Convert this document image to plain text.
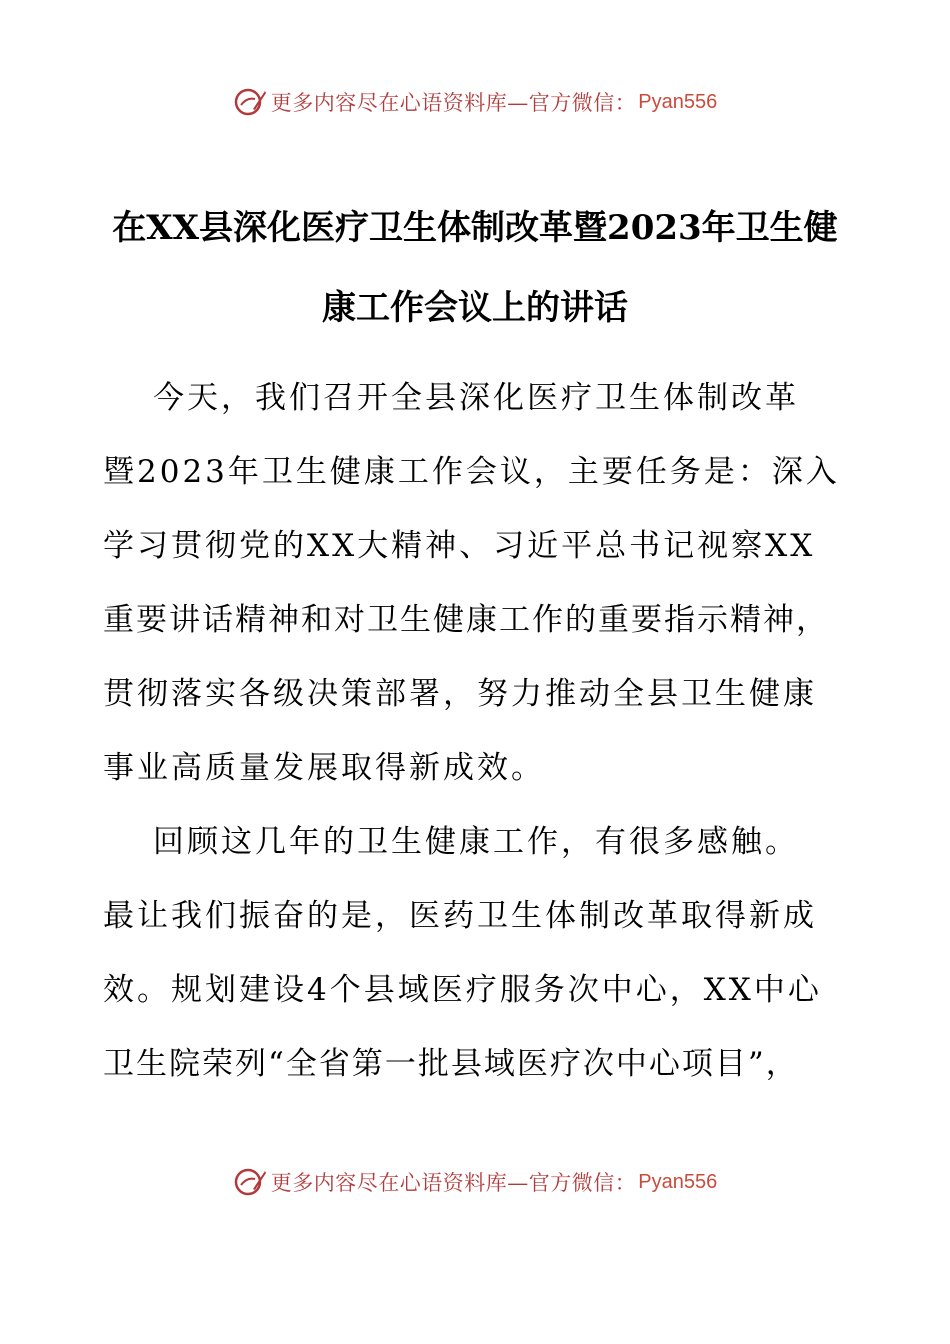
更多内容尽在心语资料库—官方微信： Pyan556
在XX县深化医疗卫生体制改革暨2023年卫生健
康工作会议上的讲话

今天，我们召开全县深化医疗卫生体制改革

暨2023年卫生健康工作会议，主要任务是：深入

学习贯彻党的XX大精神、习近平总书记视察XX

重要讲话精神和对卫生健康工作的重要指示精神，

贯彻落实各级决策部署，努力推动全县卫生健康

事业高质量发展取得新成效。

回顾这几年的卫生健康工作，有很多感触。

最让我们振奋的是，医药卫生体制改革取得新成

效。规划建设4个县域医疗服务次中心，XX中心

卫生院荣列“全省第一批县域医疗次中心项目”，

更多内容尽在心语资料库—官方微信： Pyan556
